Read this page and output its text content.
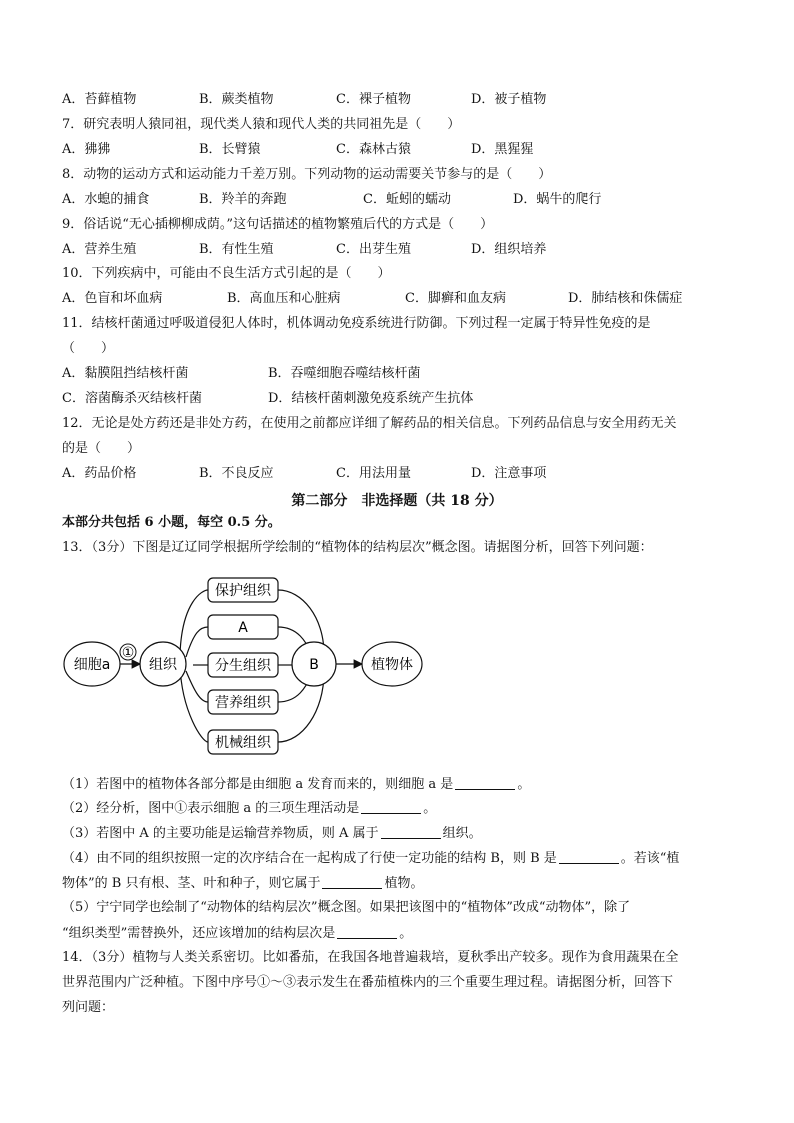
A．苔藓植物	B．蕨类植物	C．裸子植物	D．被子植物
7．研究表明人猿同祖，现代类人猿和现代人类的共同祖先是（　　）
A．狒狒	B．长臂猿	C．森林古猿	D．黑猩猩
8．动物的运动方式和运动能力千差万别。下列动物的运动需要关节参与的是（　　）
A．水螅的捕食	B．羚羊的奔跑	C．蚯蚓的蠕动	D．蜗牛的爬行
9．俗话说“无心插柳柳成荫。”这句话描述的植物繁殖后代的方式是（　　）
A．营养生殖	B．有性生殖	C．出芽生殖	D．组织培养
10．下列疾病中，可能由不良生活方式引起的是（　　）
A．色盲和坏血病	B．高血压和心脏病	C．脚癣和血友病	D．肺结核和侏儒症
11．结核杆菌通过呼吸道侵犯人体时，机体调动免疫系统进行防御。下列过程一定属于特异性免疫的是
（　　）
A．黏膜阻挡结核杆菌	B．吞噬细胞吞噬结核杆菌
C．溶菌酶杀灭结核杆菌	D．结核杆菌刺激免疫系统产生抗体
12．无论是处方药还是非处方药，在使用之前都应详细了解药品的相关信息。下列药品信息与安全用药无关
的是（　　）
A．药品价格	B．不良反应	C．用法用量	D．注意事项
第二部分　非选择题（共 18 分）
本部分共包括 6 小题，每空 0.5 分。
13．（3分）下图是辽辽同学根据所学绘制的“植物体的结构层次”概念图。请据图分析，回答下列问题：
细胞a
①
组织
保护组织
A
分生组织
营养组织
机械组织
B	植物体
（1）若图中的植物体各部分都是由细胞 a 发育而来的，则细胞 a 是	。
（2）经分析，图中①表示细胞 a 的三项生理活动是	。
（3）若图中 A 的主要功能是运输营养物质，则 A 属于	组织。
（4）由不同的组织按照一定的次序结合在一起构成了行使一定功能的结构 B，则 B 是	。若该“植
物体”的 B 只有根、茎、叶和种子，则它属于	植物。
（5）宁宁同学也绘制了“动物体的结构层次”概念图。如果把该图中的“植物体”改成“动物体”，除了
“组织类型”需替换外，还应该增加的结构层次是	。
14．（3分）植物与人类关系密切。比如番茄，在我国各地普遍栽培，夏秋季出产较多。现作为食用蔬果在全
世界范围内广泛种植。下图中序号①～③表示发生在番茄植株内的三个重要生理过程。请据图分析，回答下
列问题：
